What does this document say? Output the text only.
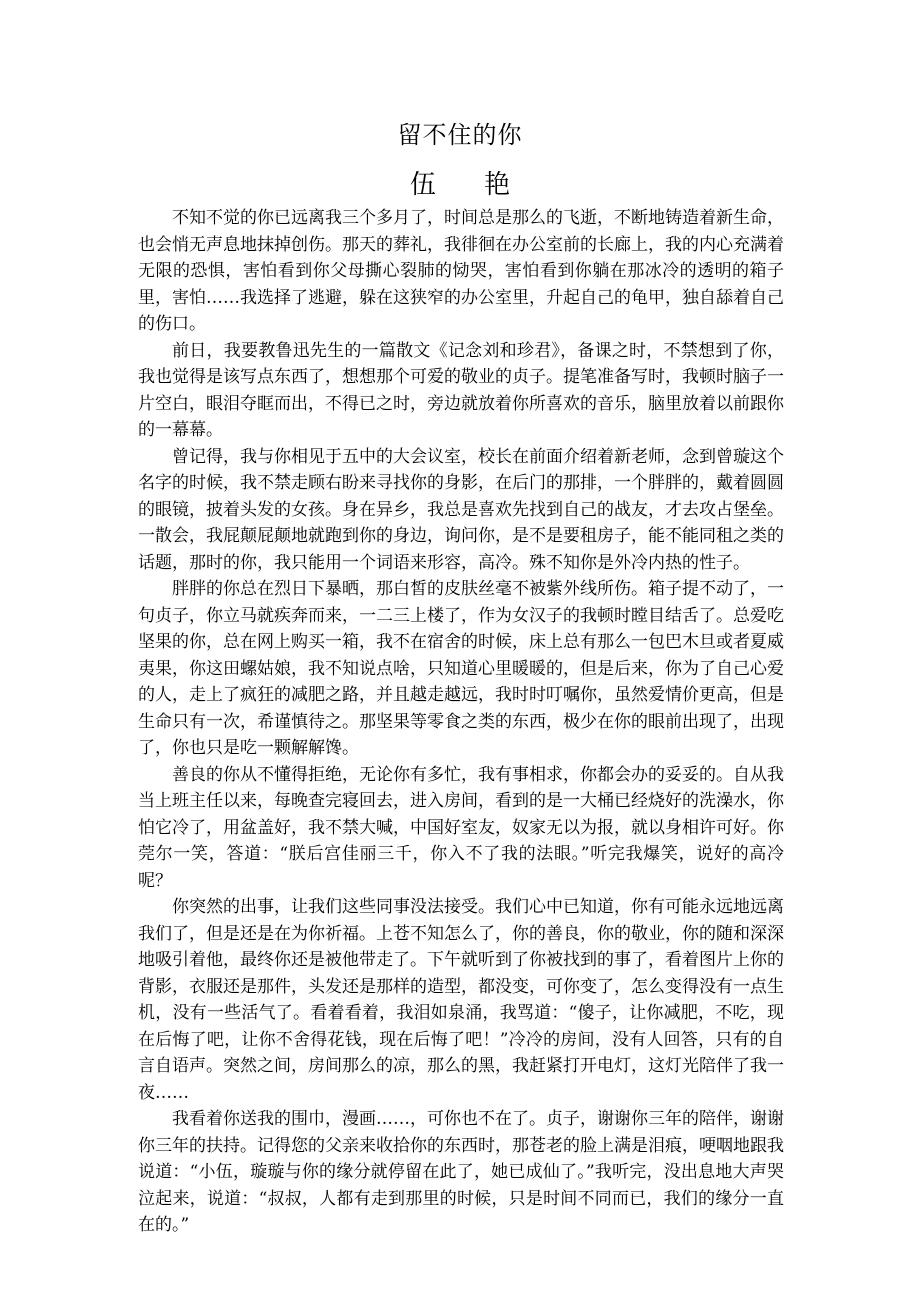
留不住的你
伍 艳

不知不觉的你已远离我三个多月了，时间总是那么的飞逝，不断地铸造着新生命，也会悄无声息地抹掉创伤。那天的葬礼，我徘徊在办公室前的长廊上，我的内心充满着无限的恐惧，害怕看到你父母撕心裂肺的恸哭，害怕看到你躺在那冰冷的透明的箱子里，害怕……我选择了逃避，躲在这狭窄的办公室里，升起自己的龟甲，独自舔着自己的伤口。

前日，我要教鲁迅先生的一篇散文《记念刘和珍君》，备课之时，不禁想到了你，我也觉得是该写点东西了，想想那个可爱的敬业的贞子。提笔准备写时，我顿时脑子一片空白，眼泪夺眶而出，不得已之时，旁边就放着你所喜欢的音乐，脑里放着以前跟你的一幕幕。

曾记得，我与你相见于五中的大会议室，校长在前面介绍着新老师，念到曾璇这个名字的时候，我不禁走顾右盼来寻找你的身影，在后门的那排，一个胖胖的，戴着圆圆的眼镜，披着头发的女孩。身在异乡，我总是喜欢先找到自己的战友，才去攻占堡垒。一散会，我屁颠屁颠地就跑到你的身边，询问你，是不是要租房子，能不能同租之类的话题，那时的你，我只能用一个词语来形容，高冷。殊不知你是外冷内热的性子。

胖胖的你总在烈日下暴晒，那白皙的皮肤丝毫不被紫外线所伤。箱子提不动了，一句贞子，你立马就疾奔而来，一二三上楼了，作为女汉子的我顿时瞠目结舌了。总爱吃坚果的你，总在网上购买一箱，我不在宿舍的时候，床上总有那么一包巴木旦或者夏威夷果，你这田螺姑娘，我不知说点啥，只知道心里暖暖的，但是后来，你为了自己心爱的人，走上了疯狂的减肥之路，并且越走越远，我时时叮嘱你，虽然爱情价更高，但是生命只有一次，希谨慎待之。那坚果等零食之类的东西，极少在你的眼前出现了，出现了，你也只是吃一颗解解馋。

善良的你从不懂得拒绝，无论你有多忙，我有事相求，你都会办的妥妥的。自从我当上班主任以来，每晚查完寝回去，进入房间，看到的是一大桶已经烧好的洗澡水，你怕它冷了，用盆盖好，我不禁大喊，中国好室友，奴家无以为报，就以身相许可好。你莞尔一笑，答道：“朕后宫佳丽三千，你入不了我的法眼。”听完我爆笑，说好的高冷呢？

你突然的出事，让我们这些同事没法接受。我们心中已知道，你有可能永远地远离我们了，但是还是在为你祈福。上苍不知怎么了，你的善良，你的敬业，你的随和深深地吸引着他，最终你还是被他带走了。下午就听到了你被找到的事了，看着图片上你的背影，衣服还是那件，头发还是那样的造型，都没变，可你变了，怎么变得没有一点生机，没有一些活气了。看着看着，我泪如泉涌，我骂道：“傻子，让你减肥，不吃，现在后悔了吧，让你不舍得花钱，现在后悔了吧！”冷冷的房间，没有人回答，只有的自言自语声。突然之间，房间那么的凉，那么的黑，我赶紧打开电灯，这灯光陪伴了我一夜……

我看着你送我的围巾，漫画……，可你也不在了。贞子，谢谢你三年的陪伴，谢谢你三年的扶持。记得您的父亲来收拾你的东西时，那苍老的脸上满是泪痕，哽咽地跟我说道：“小伍，璇璇与你的缘分就停留在此了，她已成仙了。”我听完，没出息地大声哭泣起来，说道：“叔叔，人都有走到那里的时候，只是时间不同而已，我们的缘分一直在的。”
